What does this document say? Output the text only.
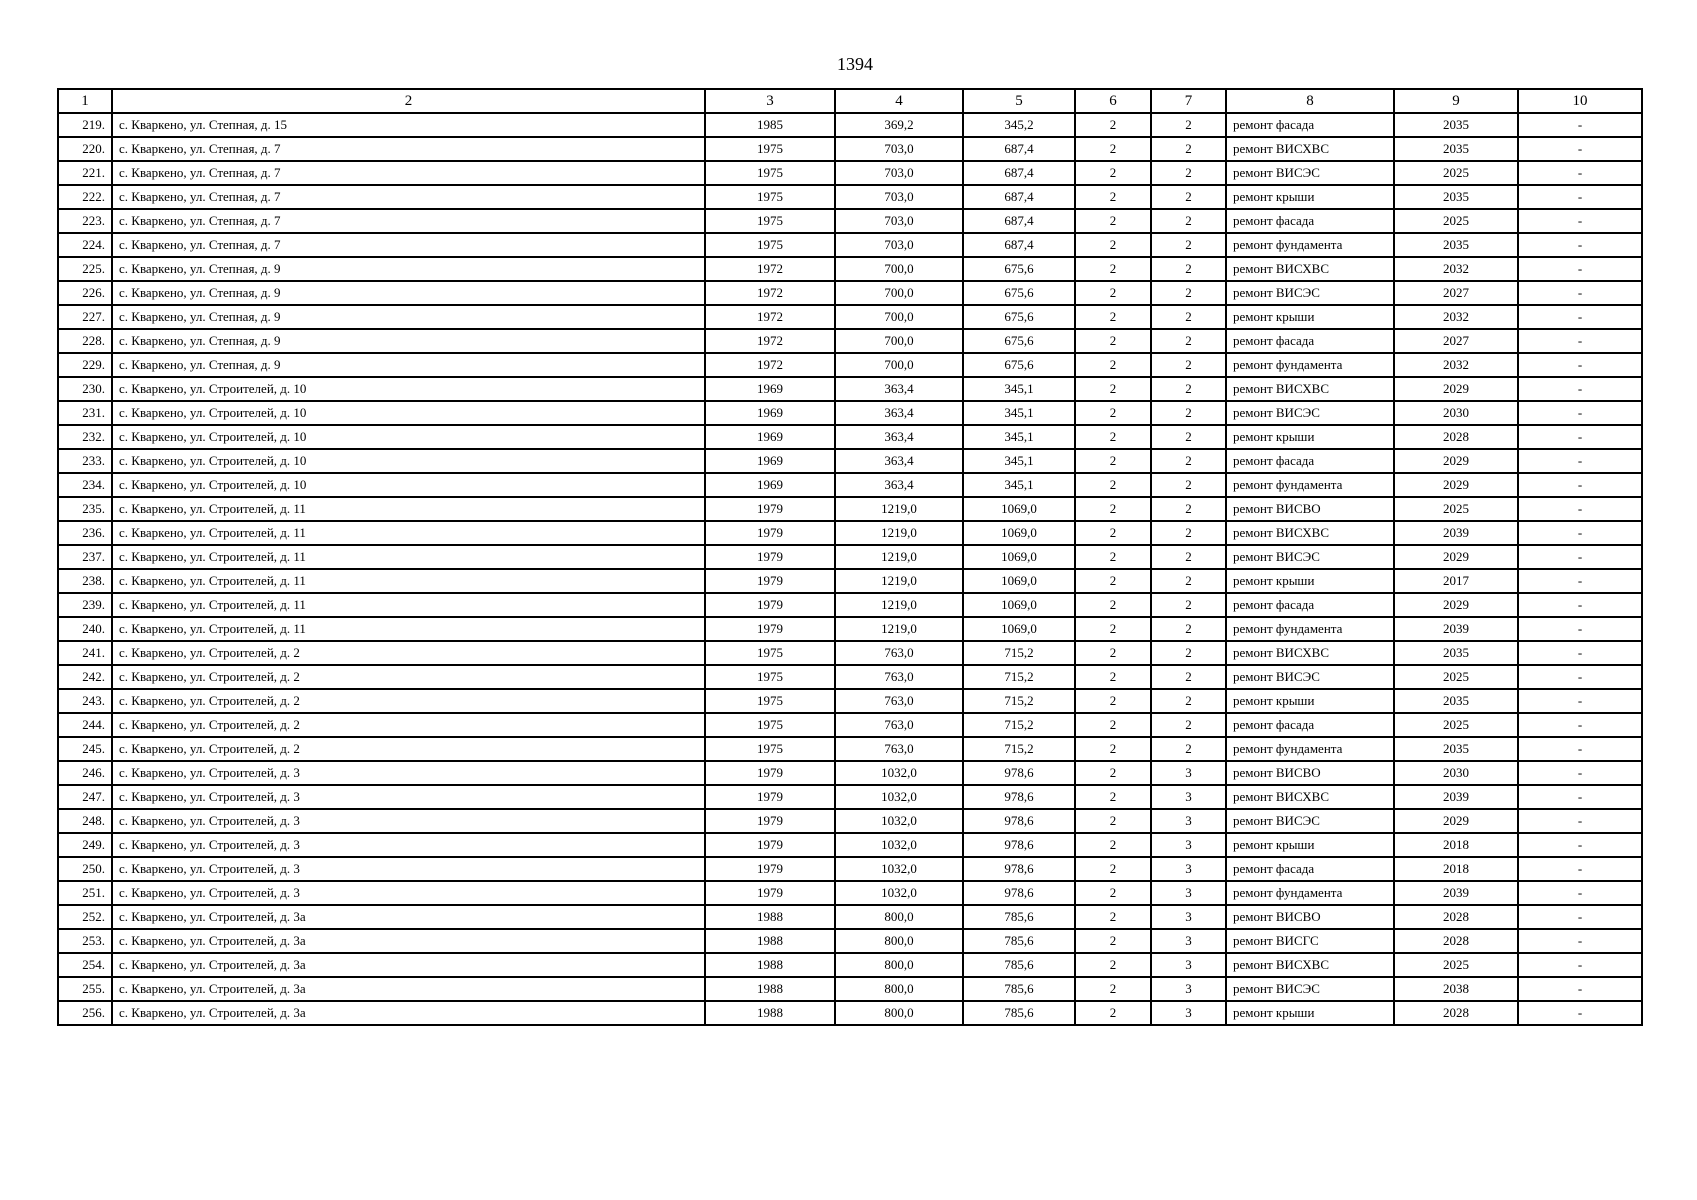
1394
1	2	3	4	5	6	7	8	9	10
219.	с. Кваркено, ул. Степная, д. 15	1985	369,2	345,2	2	2	ремонт фасада	2035	-
220.	с. Кваркено, ул. Степная, д. 7	1975	703,0	687,4	2	2	ремонт ВИСХВС	2035	-
221.	с. Кваркено, ул. Степная, д. 7	1975	703,0	687,4	2	2	ремонт ВИСЭС	2025	-
222.	с. Кваркено, ул. Степная, д. 7	1975	703,0	687,4	2	2	ремонт крыши	2035	-
223.	с. Кваркено, ул. Степная, д. 7	1975	703,0	687,4	2	2	ремонт фасада	2025	-
224.	с. Кваркено, ул. Степная, д. 7	1975	703,0	687,4	2	2	ремонт фундамента	2035	-
225.	с. Кваркено, ул. Степная, д. 9	1972	700,0	675,6	2	2	ремонт ВИСХВС	2032	-
226.	с. Кваркено, ул. Степная, д. 9	1972	700,0	675,6	2	2	ремонт ВИСЭС	2027	-
227.	с. Кваркено, ул. Степная, д. 9	1972	700,0	675,6	2	2	ремонт крыши	2032	-
228.	с. Кваркено, ул. Степная, д. 9	1972	700,0	675,6	2	2	ремонт фасада	2027	-
229.	с. Кваркено, ул. Степная, д. 9	1972	700,0	675,6	2	2	ремонт фундамента	2032	-
230.	с. Кваркено, ул. Строителей, д. 10	1969	363,4	345,1	2	2	ремонт ВИСХВС	2029	-
231.	с. Кваркено, ул. Строителей, д. 10	1969	363,4	345,1	2	2	ремонт ВИСЭС	2030	-
232.	с. Кваркено, ул. Строителей, д. 10	1969	363,4	345,1	2	2	ремонт крыши	2028	-
233.	с. Кваркено, ул. Строителей, д. 10	1969	363,4	345,1	2	2	ремонт фасада	2029	-
234.	с. Кваркено, ул. Строителей, д. 10	1969	363,4	345,1	2	2	ремонт фундамента	2029	-
235.	с. Кваркено, ул. Строителей, д. 11	1979	1219,0	1069,0	2	2	ремонт ВИСВО	2025	-
236.	с. Кваркено, ул. Строителей, д. 11	1979	1219,0	1069,0	2	2	ремонт ВИСХВС	2039	-
237.	с. Кваркено, ул. Строителей, д. 11	1979	1219,0	1069,0	2	2	ремонт ВИСЭС	2029	-
238.	с. Кваркено, ул. Строителей, д. 11	1979	1219,0	1069,0	2	2	ремонт крыши	2017	-
239.	с. Кваркено, ул. Строителей, д. 11	1979	1219,0	1069,0	2	2	ремонт фасада	2029	-
240.	с. Кваркено, ул. Строителей, д. 11	1979	1219,0	1069,0	2	2	ремонт фундамента	2039	-
241.	с. Кваркено, ул. Строителей, д. 2	1975	763,0	715,2	2	2	ремонт ВИСХВС	2035	-
242.	с. Кваркено, ул. Строителей, д. 2	1975	763,0	715,2	2	2	ремонт ВИСЭС	2025	-
243.	с. Кваркено, ул. Строителей, д. 2	1975	763,0	715,2	2	2	ремонт крыши	2035	-
244.	с. Кваркено, ул. Строителей, д. 2	1975	763,0	715,2	2	2	ремонт фасада	2025	-
245.	с. Кваркено, ул. Строителей, д. 2	1975	763,0	715,2	2	2	ремонт фундамента	2035	-
246.	с. Кваркено, ул. Строителей, д. 3	1979	1032,0	978,6	2	3	ремонт ВИСВО	2030	-
247.	с. Кваркено, ул. Строителей, д. 3	1979	1032,0	978,6	2	3	ремонт ВИСХВС	2039	-
248.	с. Кваркено, ул. Строителей, д. 3	1979	1032,0	978,6	2	3	ремонт ВИСЭС	2029	-
249.	с. Кваркено, ул. Строителей, д. 3	1979	1032,0	978,6	2	3	ремонт крыши	2018	-
250.	с. Кваркено, ул. Строителей, д. 3	1979	1032,0	978,6	2	3	ремонт фасада	2018	-
251.	с. Кваркено, ул. Строителей, д. 3	1979	1032,0	978,6	2	3	ремонт фундамента	2039	-
252.	с. Кваркено, ул. Строителей, д. 3а	1988	800,0	785,6	2	3	ремонт ВИСВО	2028	-
253.	с. Кваркено, ул. Строителей, д. 3а	1988	800,0	785,6	2	3	ремонт ВИСГС	2028	-
254.	с. Кваркено, ул. Строителей, д. 3а	1988	800,0	785,6	2	3	ремонт ВИСХВС	2025	-
255.	с. Кваркено, ул. Строителей, д. 3а	1988	800,0	785,6	2	3	ремонт ВИСЭС	2038	-
256.	с. Кваркено, ул. Строителей, д. 3а	1988	800,0	785,6	2	3	ремонт крыши	2028	-
